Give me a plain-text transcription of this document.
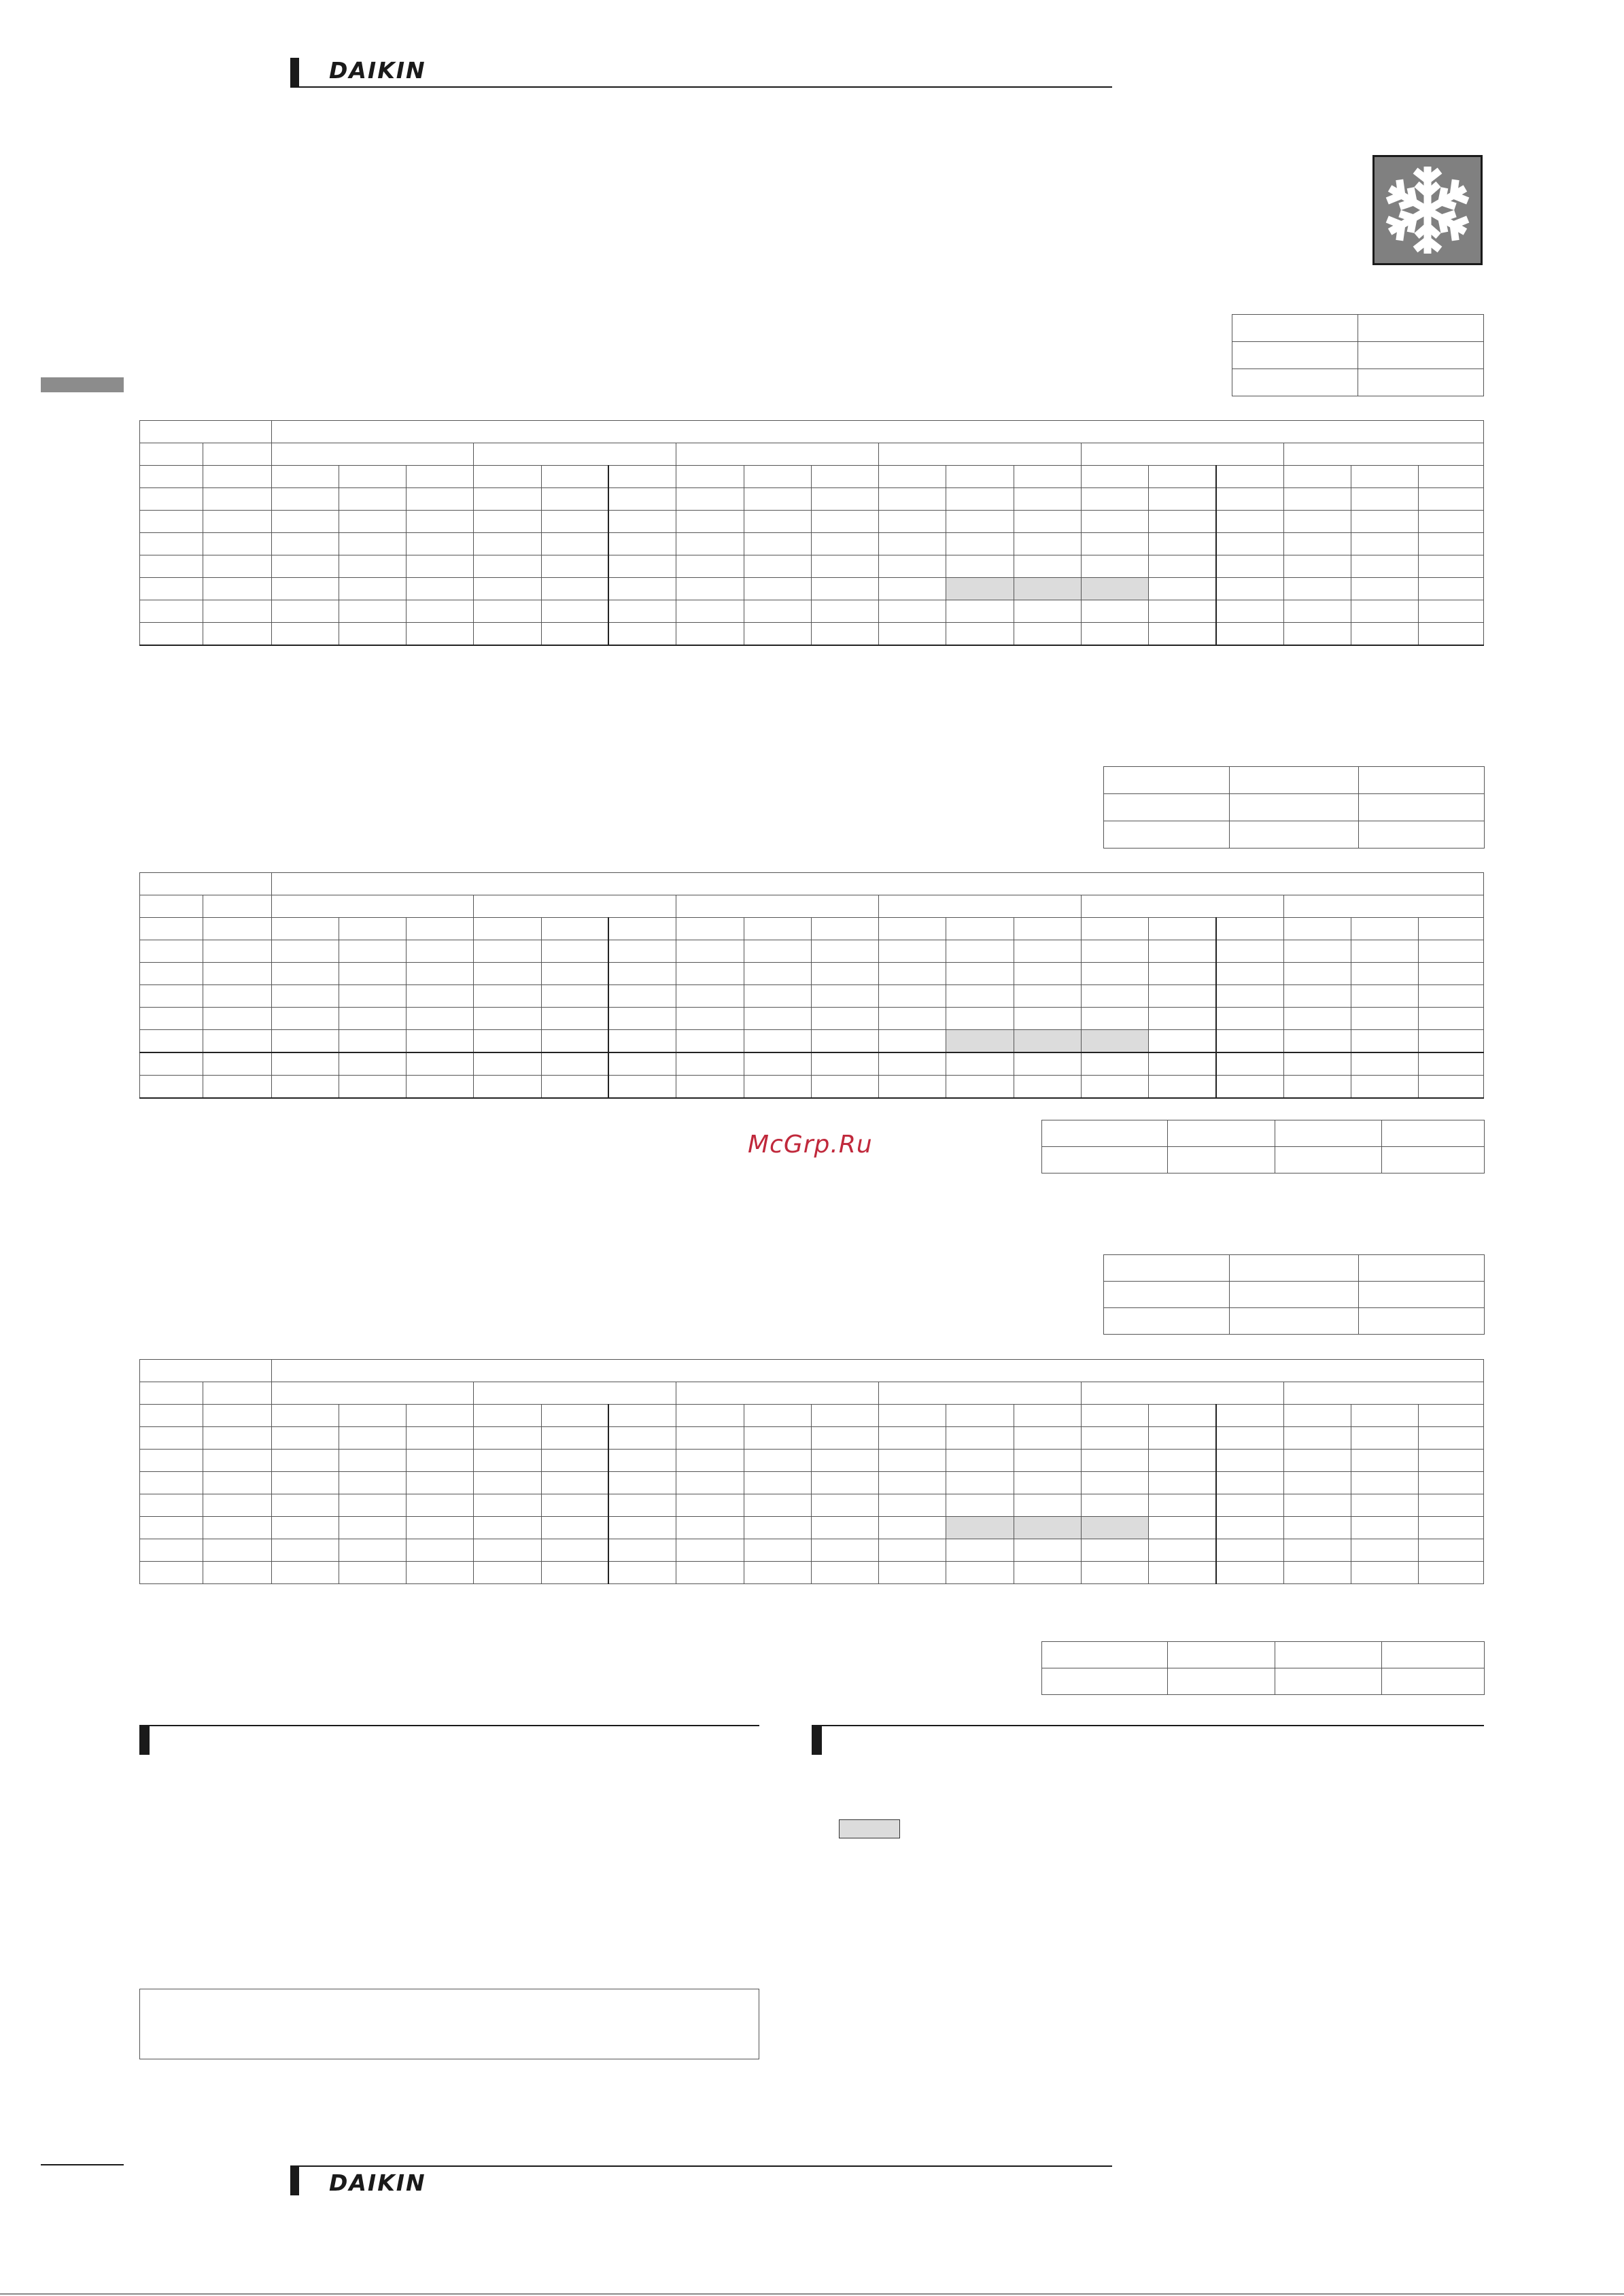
DAIKIN

McGrp.Ru

DAIKIN
